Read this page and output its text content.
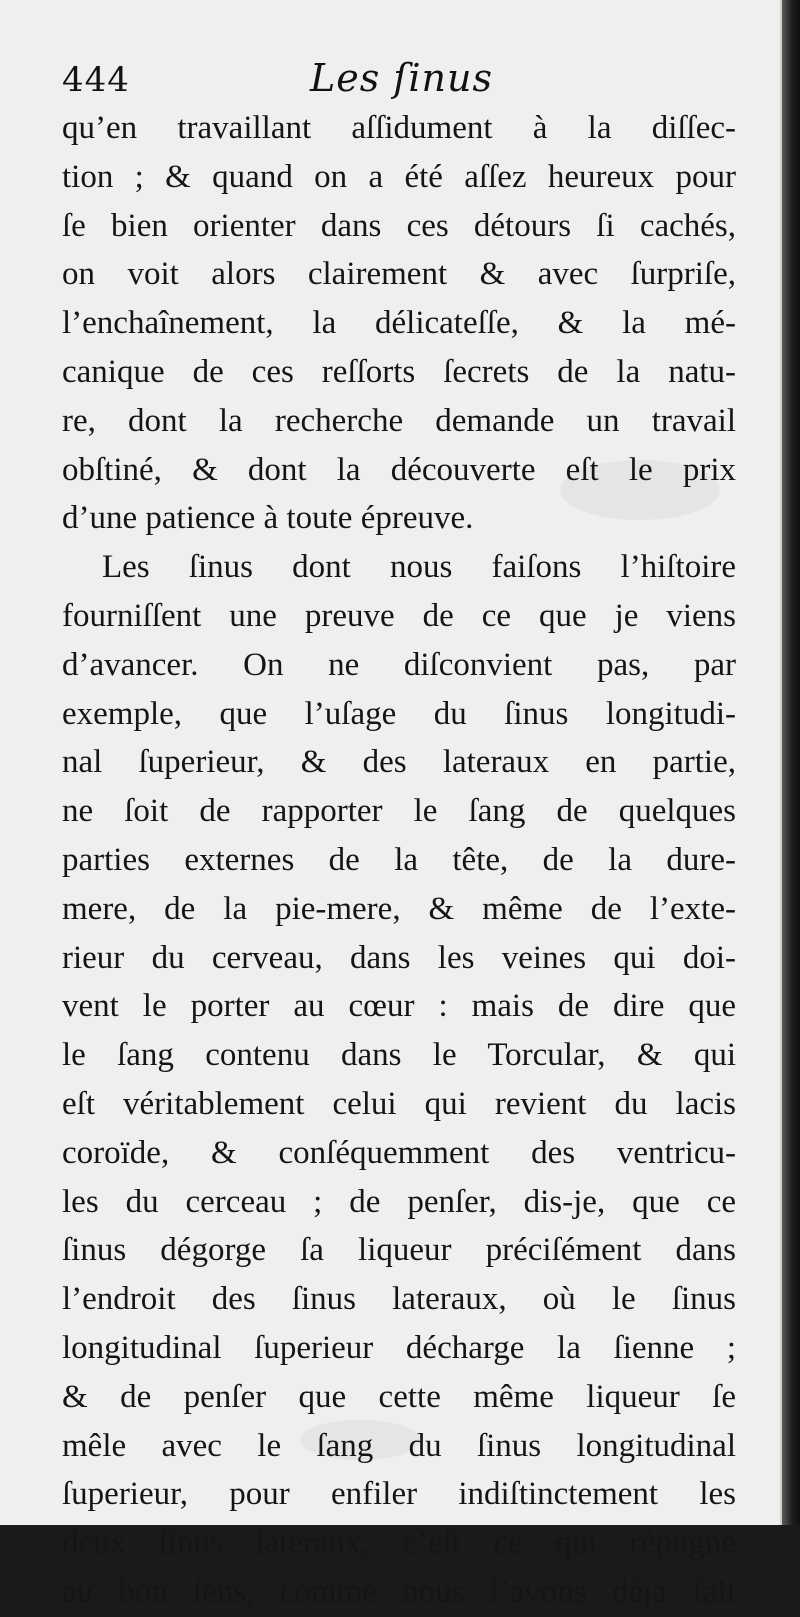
444	Les ſinus
qu’en travaillant aſſidument à la diſſec-
tion ; & quand on a été aſſez heureux pour
ſe bien orienter dans ces détours ſi cachés,
on voit alors clairement & avec ſurpriſe,
l’enchaînement, la délicateſſe, & la mé-
canique de ces reſſorts ſecrets de la natu-
re, dont la recherche demande un travail
obſtiné, & dont la découverte eſt le prix
d’une patience à toute épreuve.
Les ſinus dont nous faiſons l’hiſtoire
fourniſſent une preuve de ce que je viens
d’avancer. On ne diſconvient pas, par
exemple, que l’uſage du ſinus longitudi-
nal ſuperieur, & des lateraux en partie,
ne ſoit de rapporter le ſang de quelques
parties externes de la tête, de la dure-
mere, de la pie-mere, & même de l’exte-
rieur du cerveau, dans les veines qui doi-
vent le porter au cœur : mais de dire que
le ſang contenu dans le Torcular, & qui
eſt véritablement celui qui revient du lacis
coroïde, & conſéquemment des ventricu-
les du cerceau ; de penſer, dis-je, que ce
ſinus dégorge ſa liqueur préciſément dans
l’endroit des ſinus lateraux, où le ſinus
longitudinal ſuperieur décharge la ſienne ;
& de penſer que cette même liqueur ſe
mêle avec le ſang du ſinus longitudinal
ſuperieur, pour enfiler indiſtinctement les
deux ſinus lateraux, c’eſt ce qui répugne
au bon ſens, comme nous l’avons déja fait
